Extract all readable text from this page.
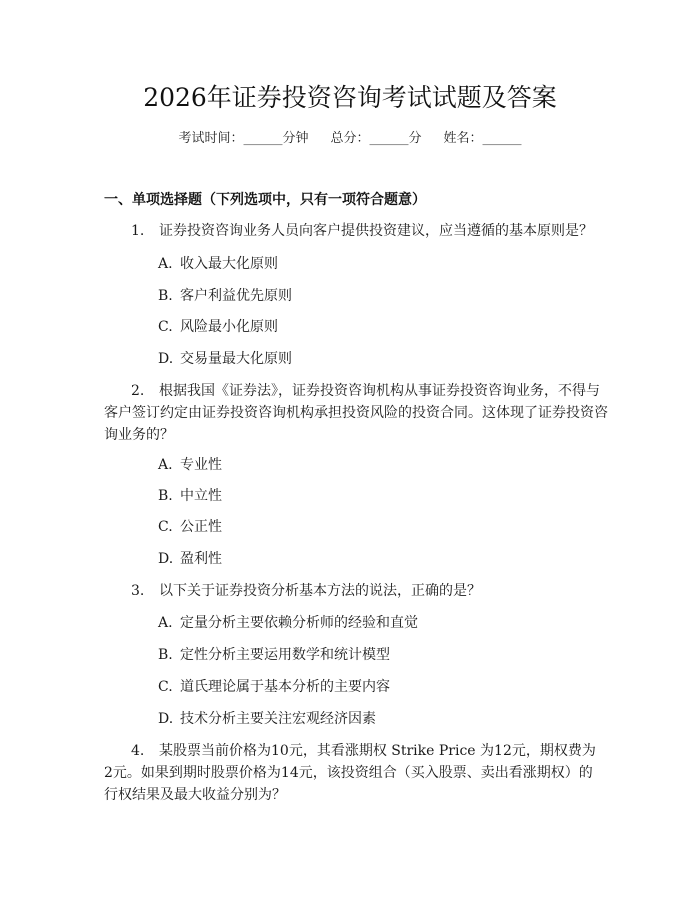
2026年证券投资咨询考试试题及答案
考试时间：______分钟 总分：______分 姓名：______
一、单项选择题（下列选项中，只有一项符合题意）
1. 证券投资咨询业务人员向客户提供投资建议，应当遵循的基本原则是？
A. 收入最大化原则
B. 客户利益优先原则
C. 风险最小化原则
D. 交易量最大化原则
2. 根据我国《证券法》，证券投资咨询机构从事证券投资咨询业务，不得与
客户签订约定由证券投资咨询机构承担投资风险的投资合同。这体现了证券投资咨
询业务的？
A. 专业性
B. 中立性
C. 公正性
D. 盈利性
3. 以下关于证券投资分析基本方法的说法，正确的是？
A. 定量分析主要依赖分析师的经验和直觉
B. 定性分析主要运用数学和统计模型
C. 道氏理论属于基本分析的主要内容
D. 技术分析主要关注宏观经济因素
4. 某股票当前价格为10元，其看涨期权 Strike Price 为12元，期权费为
2元。如果到期时股票价格为14元，该投资组合（买入股票、卖出看涨期权）的
行权结果及最大收益分别为？
